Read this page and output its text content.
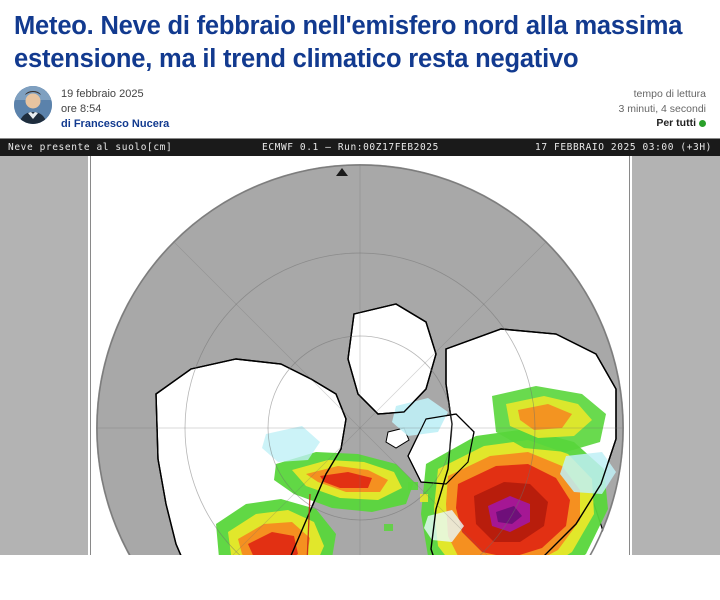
Meteo. Neve di febbraio nell'emisfero nord alla massima estensione, ma il trend climatico resta negativo
19 febbraio 2025
ore 8:54
di Francesco Nucera
tempo di lettura
3 minuti, 4 secondi
Per tutti
Neve presente al suolo[cm]	ECMWF 0.1 – Run:00Z17FEB2025	17 FEBBRAIO 2025 03:00 (+3H)
